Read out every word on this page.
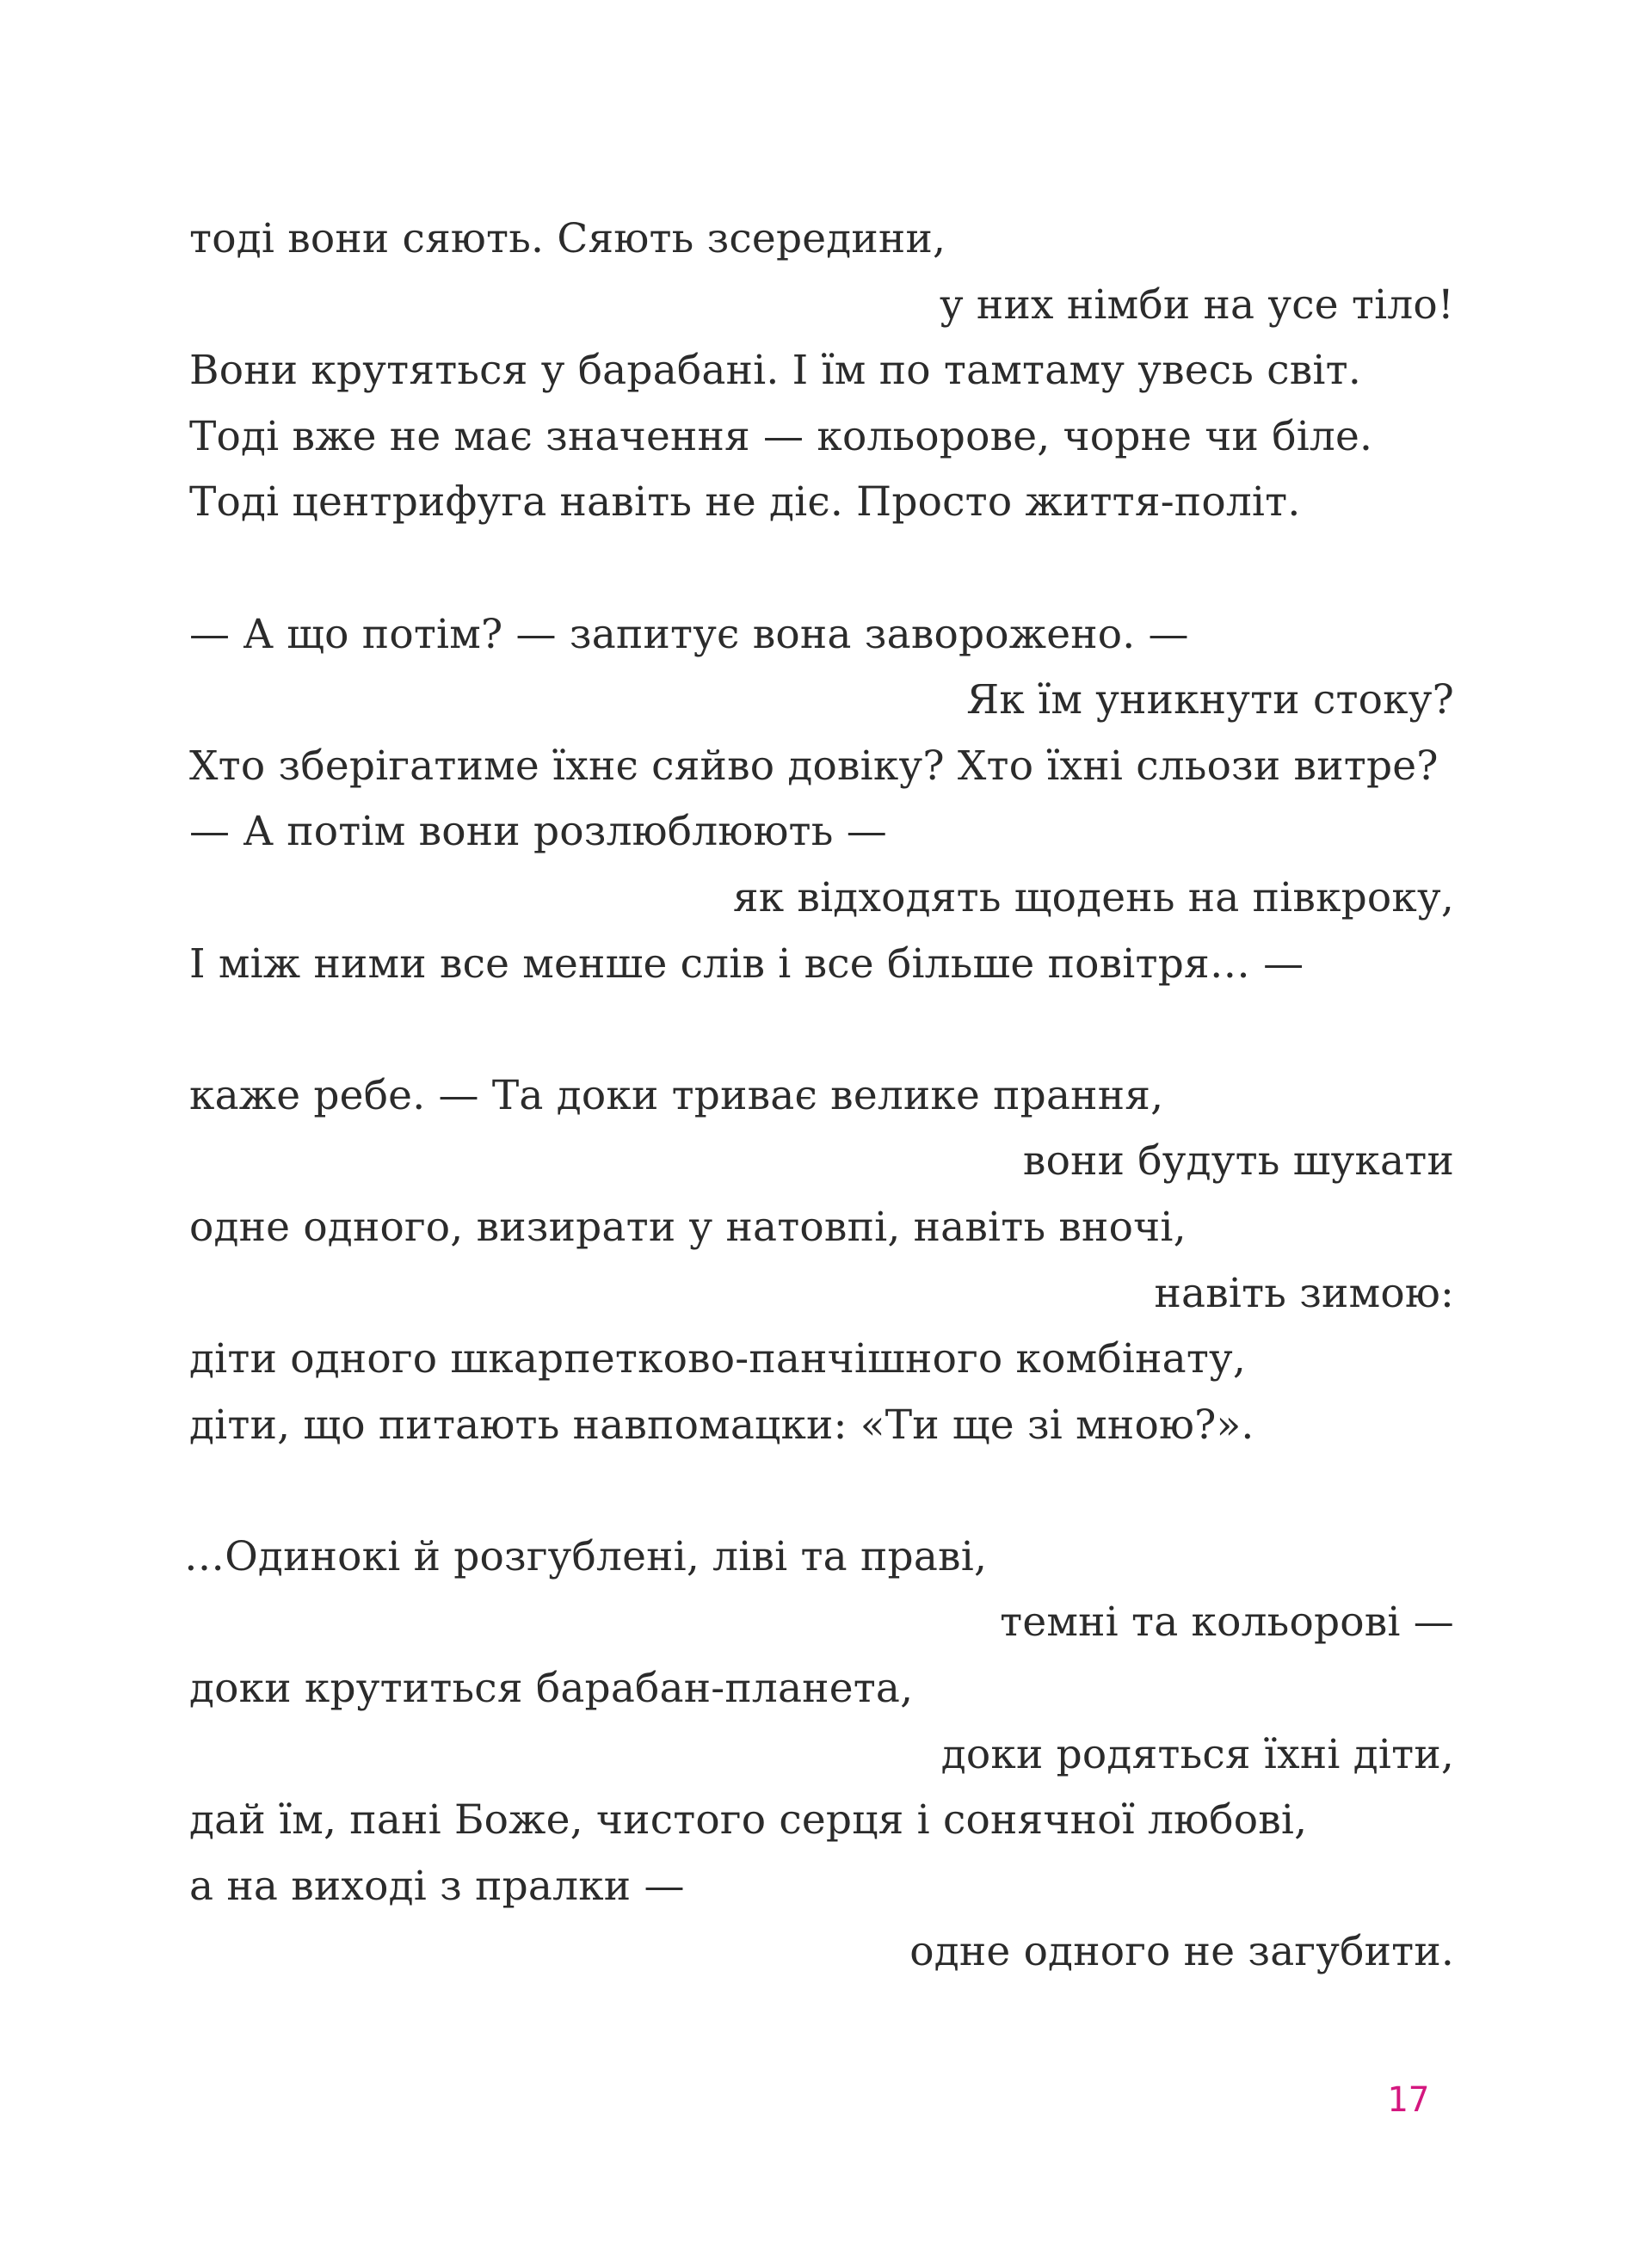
тоді вони сяють. Сяють зсередини,
у них німби на усе тіло!
Вони крутяться у барабані. І їм по тамтаму увесь світ.
Тоді вже не має значення — кольорове, чорне чи біле.
Тоді центрифуга навіть не діє. Просто життя-політ.
— А що потім? — запитує вона заворожено. —
Як їм уникнути стоку?
Хто зберігатиме їхнє сяйво довіку? Хто їхні сльози витре?
— А потім вони розлюблюють —
як відходять щодень на півкроку,
І між ними все менше слів і все більше повітря… —
каже ребе. — Та доки триває велике прання,
вони будуть шукати
одне одного, визирати у натовпі, навіть вночі,
навіть зимою:
діти одного шкарпетково-панчішного комбінату,
діти, що питають навпомацки: «Ти ще зі мною?».
…Одинокі й розгублені, ліві та праві,
темні та кольорові —
доки крутиться барабан-планета,
доки родяться їхні діти,
дай їм, пані Боже, чистого серця і сонячної любові,
а на виході з пралки —
одне одного не загубити.
17
